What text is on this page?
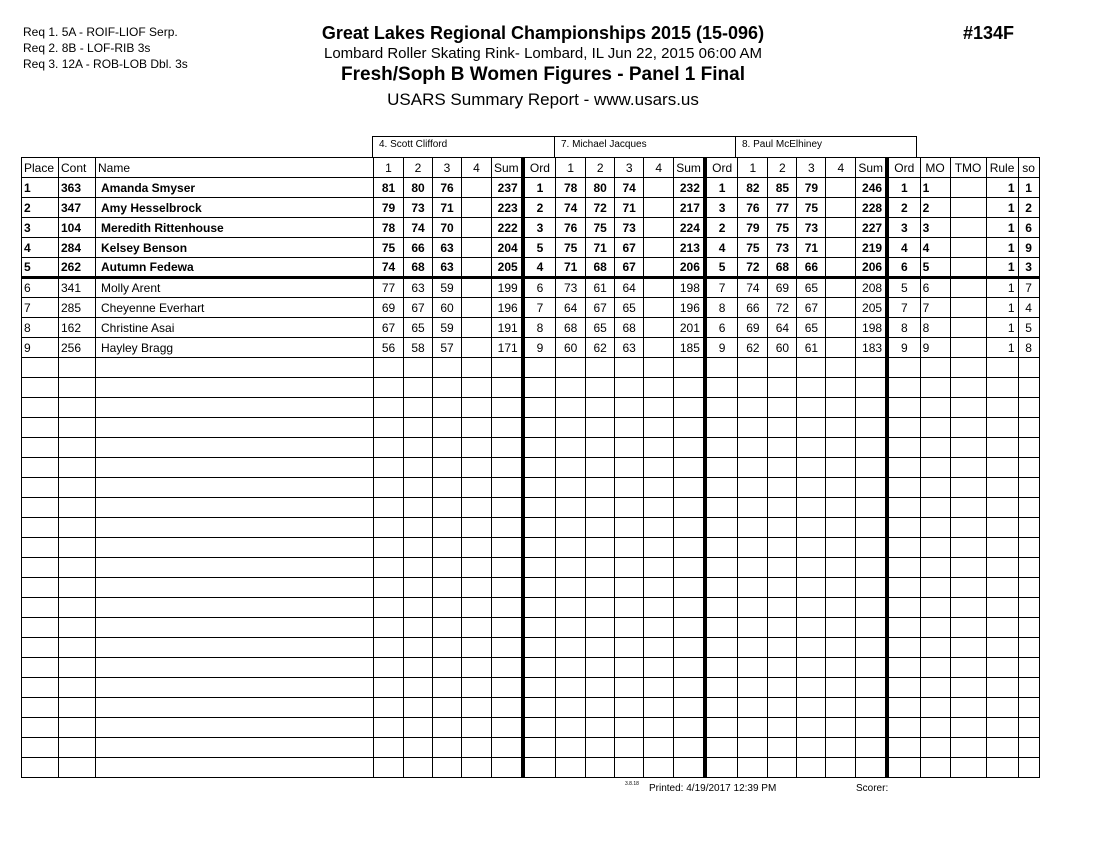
Req 1. 5A - ROIF-LIOF Serp.
Req 2. 8B - LOF-RIB 3s
Req 3. 12A - ROB-LOB Dbl. 3s
Great Lakes Regional Championships 2015 (15-096)
Lombard Roller Skating Rink- Lombard, IL Jun 22, 2015 06:00 AM
Fresh/Soph B Women Figures - Panel 1 Final
USARS Summary Report - www.usars.us
#134F
4. Scott Clifford	7. Michael Jacques	8. Paul McElhiney
Place	Cont	Name	1	2	3	4	Sum	Ord	1	2	3	4	Sum	Ord	1	2	3	4	Sum	Ord	MO	TMO	Rule	so
1	363	Amanda Smyser	81	80	76		237	1	78	80	74		232	1	82	85	79		246	1	1		1	1
2	347	Amy Hesselbrock	79	73	71		223	2	74	72	71		217	3	76	77	75		228	2	2		1	2
3	104	Meredith Rittenhouse	78	74	70		222	3	76	75	73		224	2	79	75	73		227	3	3		1	6
4	284	Kelsey Benson	75	66	63		204	5	75	71	67		213	4	75	73	71		219	4	4		1	9
5	262	Autumn Fedewa	74	68	63		205	4	71	68	67		206	5	72	68	66		206	6	5		1	3
6	341	Molly Arent	77	63	59		199	6	73	61	64		198	7	74	69	65		208	5	6		1	7
7	285	Cheyenne Everhart	69	67	60		196	7	64	67	65		196	8	66	72	67		205	7	7		1	4
8	162	Christine Asai	67	65	59		191	8	68	65	68		201	6	69	64	65		198	8	8		1	5
9	256	Hayley Bragg	56	58	57		171	9	60	62	63		185	9	62	60	61		183	9	9		1	8

3.8.18 Printed: 4/19/2017 12:39 PM	Scorer:
